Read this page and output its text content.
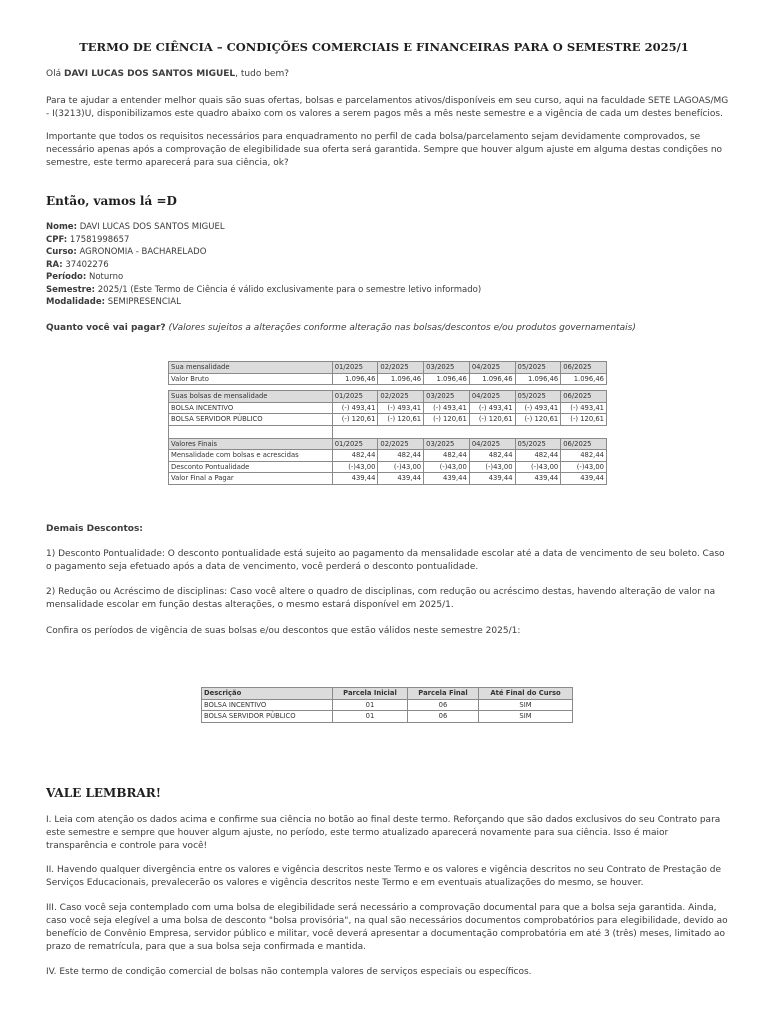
TERMO DE CIÊNCIA – CONDIÇÕES COMERCIAIS E FINANCEIRAS PARA O SEMESTRE 2025/1
Olá DAVI LUCAS DOS SANTOS MIGUEL, tudo bem?
Para te ajudar a entender melhor quais são suas ofertas, bolsas e parcelamentos ativos/disponíveis em seu curso, aqui na faculdade SETE LAGOAS/MG - I(3213)U, disponibilizamos este quadro abaixo com os valores a serem pagos mês a mês neste semestre e a vigência de cada um destes benefícios.
Importante que todos os requisitos necessários para enquadramento no perfil de cada bolsa/parcelamento sejam devidamente comprovados, se necessário apenas após a comprovação de elegibilidade sua oferta será garantida. Sempre que houver algum ajuste em alguma destas condições no semestre, este termo aparecerá para sua ciência, ok?
Então, vamos lá =D
Nome: DAVI LUCAS DOS SANTOS MIGUEL
CPF: 17581998657
Curso: AGRONOMIA - BACHARELADO
RA: 37402276
Período: Noturno
Semestre: 2025/1 (Este Termo de Ciência é válido exclusivamente para o semestre letivo informado)
Modalidade: SEMIPRESENCIAL
Quanto você vai pagar? (Valores sujeitos a alterações conforme alteração nas bolsas/descontos e/ou produtos governamentais)
Sua mensalidade	01/2025	02/2025	03/2025	04/2025	05/2025	06/2025
Valor Bruto	1.096,46	1.096,46	1.096,46	1.096,46	1.096,46	1.096,46

Suas bolsas de mensalidade	01/2025	02/2025	03/2025	04/2025	05/2025	06/2025
BOLSA INCENTIVO	(-) 493,41	(-) 493,41	(-) 493,41	(-) 493,41	(-) 493,41	(-) 493,41
BOLSA SERVIDOR PÚBLICO	(-) 120,61	(-) 120,61	(-) 120,61	(-) 120,61	(-) 120,61	(-) 120,61

Valores Finais	01/2025	02/2025	03/2025	04/2025	05/2025	06/2025
Mensalidade com bolsas e acrescidas	482,44	482,44	482,44	482,44	482,44	482,44
Desconto Pontualidade	(-)43,00	(-)43,00	(-)43,00	(-)43,00	(-)43,00	(-)43,00
Valor Final a Pagar	439,44	439,44	439,44	439,44	439,44	439,44
Demais Descontos:
1) Desconto Pontualidade: O desconto pontualidade está sujeito ao pagamento da mensalidade escolar até a data de vencimento de seu boleto. Caso o pagamento seja efetuado após a data de vencimento, você perderá o desconto pontualidade.
2) Redução ou Acréscimo de disciplinas: Caso você altere o quadro de disciplinas, com redução ou acréscimo destas, havendo alteração de valor na mensalidade escolar em função destas alterações, o mesmo estará disponível em 2025/1.
Confira os períodos de vigência de suas bolsas e/ou descontos que estão válidos neste semestre 2025/1:
Descrição	Parcela Inicial	Parcela Final	Até Final do Curso
BOLSA INCENTIVO	01	06	SIM
BOLSA SERVIDOR PÚBLICO	01	06	SIM
VALE LEMBRAR!
I. Leia com atenção os dados acima e confirme sua ciência no botão ao final deste termo. Reforçando que são dados exclusivos do seu Contrato para este semestre e sempre que houver algum ajuste, no período, este termo atualizado aparecerá novamente para sua ciência. Isso é maior transparência e controle para você!
II. Havendo qualquer divergência entre os valores e vigência descritos neste Termo e os valores e vigência descritos no seu Contrato de Prestação de Serviços Educacionais, prevalecerão os valores e vigência descritos neste Termo e em eventuais atualizações do mesmo, se houver.
III. Caso você seja contemplado com uma bolsa de elegibilidade será necessário a comprovação documental para que a bolsa seja garantida. Ainda, caso você seja elegível a uma bolsa de desconto "bolsa provisória", na qual são necessários documentos comprobatórios para elegibilidade, devido ao benefício de Convênio Empresa, servidor público e militar, você deverá apresentar a documentação comprobatória em até 3 (três) meses, limitado ao prazo de rematrícula, para que a sua bolsa seja confirmada e mantida.
IV. Este termo de condição comercial de bolsas não contempla valores de serviços especiais ou específicos.
